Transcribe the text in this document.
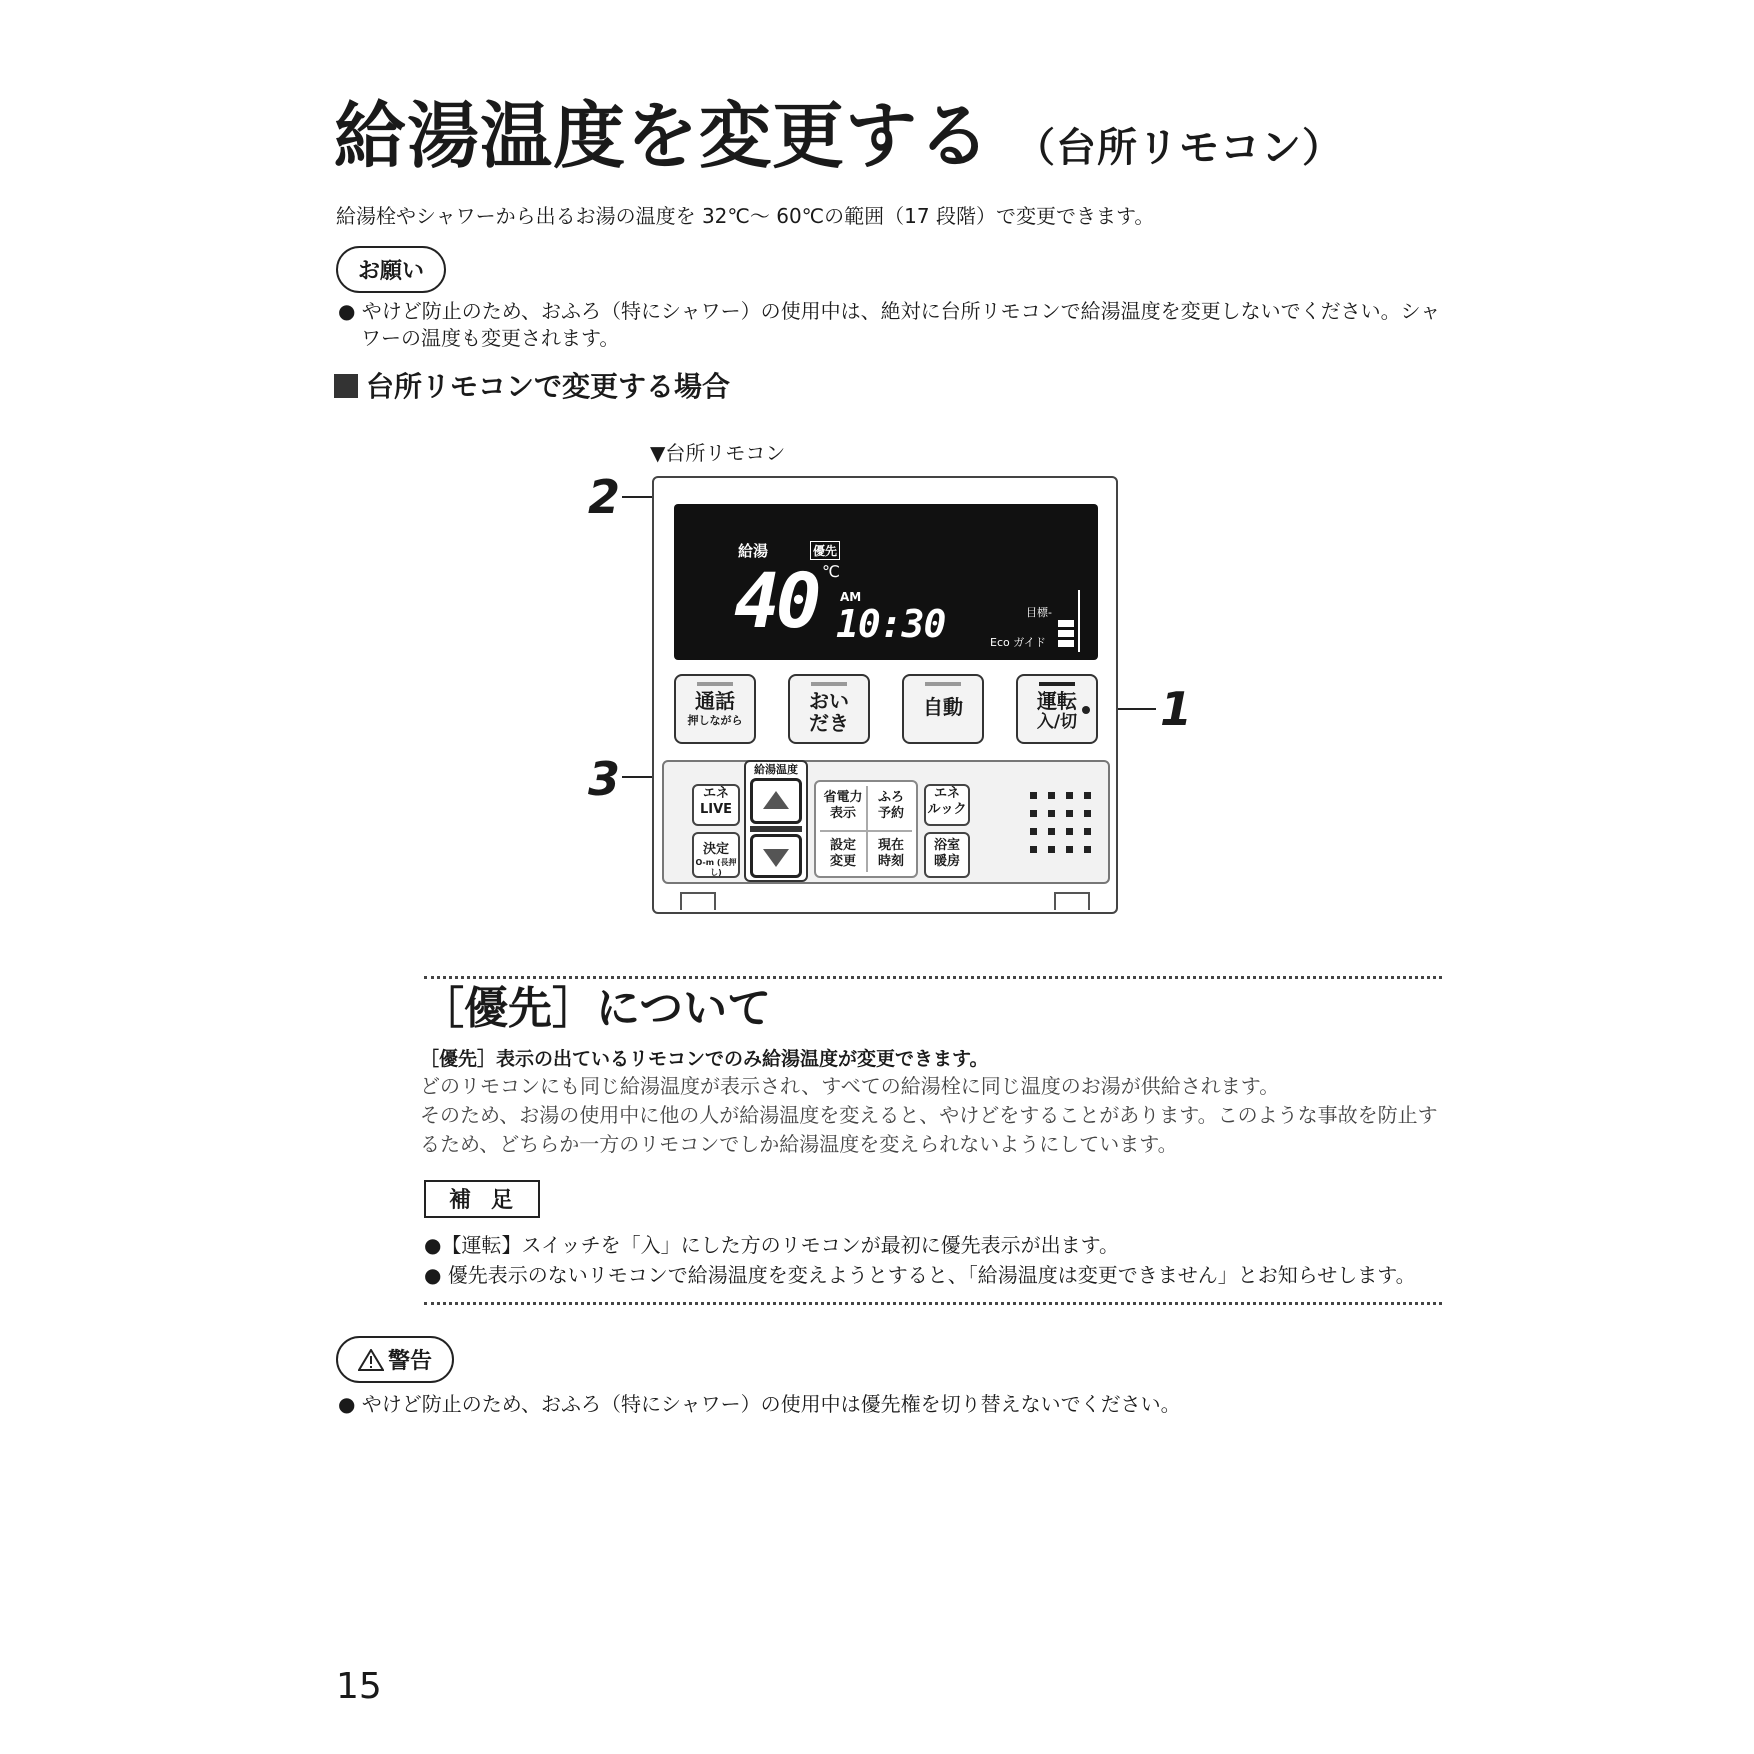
給湯温度を変更する （台所リモコン）
給湯栓やシャワーから出るお湯の温度を 32℃～ 60℃の範囲（17 段階）で変更できます。
お願い
● やけど防止のため、おふろ（特にシャワー）の使用中は、絶対に台所リモコンで給湯温度を変更しないでください。シャ
ワーの温度も変更されます。
台所リモコンで変更する場合
▼台所リモコン
2
1
3
給湯	優先
40 ℃
AM
10:30	目標-
Eco ガイド
通話
押しながら
おい
だき
自動	運転
入/切
エネ
LIVE
決定
O-m (長押し)
給湯温度
省電力
表示
ふろ
予約
設定
変更
現在
時刻
エネ
ルック
浴室
暖房
［優先］について
［優先］表示の出ているリモコンでのみ給湯温度が変更できます。
どのリモコンにも同じ給湯温度が表示され、すべての給湯栓に同じ温度のお湯が供給されます。
そのため、お湯の使用中に他の人が給湯温度を変えると、やけどをすることがあります。このような事故を防止す
るため、どちらか一方のリモコンでしか給湯温度を変えられないようにしています。
補足
●【運転】スイッチを「入」にした方のリモコンが最初に優先表示が出ます。
● 優先表示のないリモコンで給湯温度を変えようとすると、「給湯温度は変更できません」とお知らせします。
警告
● やけど防止のため、おふろ（特にシャワー）の使用中は優先権を切り替えないでください。
15
